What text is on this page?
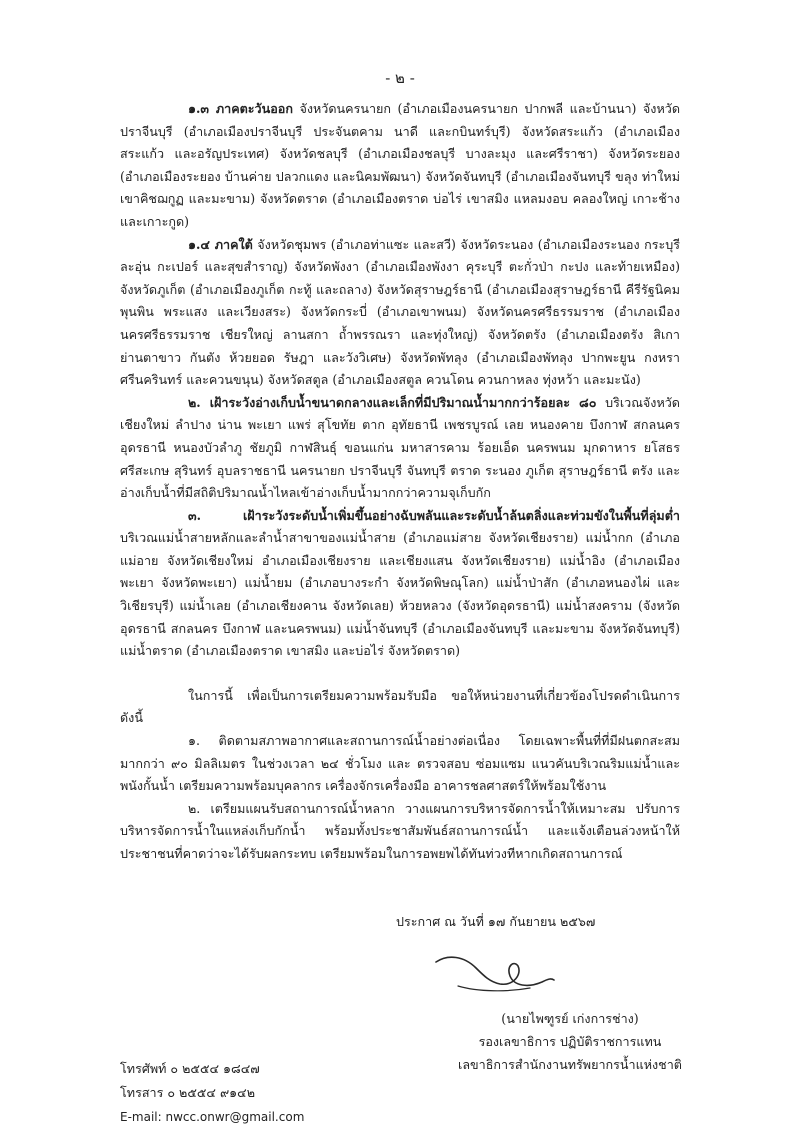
- ๒ -

๑.๓ ภาคตะวันออก จังหวัดนครนายก (อำเภอเมืองนครนายก ปากพลี และบ้านนา) จังหวัดปราจีนบุรี (อำเภอเมืองปราจีนบุรี ประจันตคาม นาดี และกบินทร์บุรี) จังหวัดสระแก้ว (อำเภอเมืองสระแก้ว และอรัญประเทศ) จังหวัดชลบุรี (อำเภอเมืองชลบุรี บางละมุง และศรีราชา) จังหวัดระยอง (อำเภอเมืองระยอง บ้านค่าย ปลวกแดง และนิคมพัฒนา) จังหวัดจันทบุรี (อำเภอเมืองจันทบุรี ขลุง ท่าใหม่ เขาคิชฌกูฏ และมะขาม) จังหวัดตราด (อำเภอเมืองตราด บ่อไร่ เขาสมิง แหลมงอบ คลองใหญ่ เกาะช้าง และเกาะกูด)

๑.๔ ภาคใต้ จังหวัดชุมพร (อำเภอท่าแซะ และสวี) จังหวัดระนอง (อำเภอเมืองระนอง กระบุรี ละอุ่น กะเปอร์ และสุขสำราญ) จังหวัดพังงา (อำเภอเมืองพังงา คุระบุรี ตะกั่วป่า กะปง และท้ายเหมือง) จังหวัดภูเก็ต (อำเภอเมืองภูเก็ต กะทู้ และถลาง) จังหวัดสุราษฎร์ธานี (อำเภอเมืองสุราษฎร์ธานี คีรีรัฐนิคม พุนพิน พระแสง และเวียงสระ) จังหวัดกระบี่ (อำเภอเขาพนม) จังหวัดนครศรีธรรมราช (อำเภอเมืองนครศรีธรรมราช เชียรใหญ่ ลานสกา ถ้ำพรรณรา และทุ่งใหญ่) จังหวัดตรัง (อำเภอเมืองตรัง สิเกา ย่านตาขาว กันตัง ห้วยยอด รัษฎา และวังวิเศษ) จังหวัดพัทลุง (อำเภอเมืองพัทลุง ปากพะยูน กงหรา ศรีนครินทร์ และควนขนุน) จังหวัดสตูล (อำเภอเมืองสตูล ควนโดน ควนกาหลง ทุ่งหว้า และมะนัง)

๒. เฝ้าระวังอ่างเก็บน้ำขนาดกลางและเล็กที่มีปริมาณน้ำมากกว่าร้อยละ ๘๐ บริเวณจังหวัดเชียงใหม่ ลำปาง น่าน พะเยา แพร่ สุโขทัย ตาก อุทัยธานี เพชรบูรณ์ เลย หนองคาย บึงกาฬ สกลนคร อุดรธานี หนองบัวลำภู ชัยภูมิ กาฬสินธุ์ ขอนแก่น มหาสารคาม ร้อยเอ็ด นครพนม มุกดาหาร ยโสธร ศรีสะเกษ สุรินทร์ อุบลราชธานี นครนายก ปราจีนบุรี จันทบุรี ตราด ระนอง ภูเก็ต สุราษฎร์ธานี ตรัง และอ่างเก็บน้ำที่มีสถิติปริมาณน้ำไหลเข้าอ่างเก็บน้ำมากกว่าความจุเก็บกัก

๓. เฝ้าระวังระดับน้ำเพิ่มขึ้นอย่างฉับพลันและระดับน้ำล้นตลิ่งและท่วมขังในพื้นที่ลุ่มต่ำ บริเวณแม่น้ำสายหลักและลำน้ำสาขาของแม่น้ำสาย (อำเภอแม่สาย จังหวัดเชียงราย) แม่น้ำกก (อำเภอแม่อาย จังหวัดเชียงใหม่ อำเภอเมืองเชียงราย และเชียงแสน จังหวัดเชียงราย) แม่น้ำอิง (อำเภอเมืองพะเยา จังหวัดพะเยา) แม่น้ำยม (อำเภอบางระกำ จังหวัดพิษณุโลก) แม่น้ำป่าสัก (อำเภอหนองไผ่ และวิเชียรบุรี) แม่น้ำเลย (อำเภอเชียงคาน จังหวัดเลย) ห้วยหลวง (จังหวัดอุดรธานี) แม่น้ำสงคราม (จังหวัดอุดรธานี สกลนคร บึงกาฬ และนครพนม) แม่น้ำจันทบุรี (อำเภอเมืองจันทบุรี และมะขาม จังหวัดจันทบุรี) แม่น้ำตราด (อำเภอเมืองตราด เขาสมิง และบ่อไร่ จังหวัดตราด)

ในการนี้ เพื่อเป็นการเตรียมความพร้อมรับมือ ขอให้หน่วยงานที่เกี่ยวข้องโปรดดำเนินการ ดังนี้

๑. ติดตามสภาพอากาศและสถานการณ์น้ำอย่างต่อเนื่อง โดยเฉพาะพื้นที่ที่มีฝนตกสะสมมากกว่า ๙๐ มิลลิเมตร ในช่วงเวลา ๒๔ ชั่วโมง และ ตรวจสอบ ซ่อมแซม แนวคันบริเวณริมแม่น้ำและพนังกั้นน้ำ เตรียมความพร้อมบุคลากร เครื่องจักรเครื่องมือ อาคารชลศาสตร์ให้พร้อมใช้งาน

๒. เตรียมแผนรับสถานการณ์น้ำหลาก วางแผนการบริหารจัดการน้ำให้เหมาะสม ปรับการบริหารจัดการน้ำในแหล่งเก็บกักน้ำ พร้อมทั้งประชาสัมพันธ์สถานการณ์น้ำ และแจ้งเตือนล่วงหน้าให้ประชาชนที่คาดว่าจะได้รับผลกระทบ เตรียมพร้อมในการอพยพได้ทันท่วงทีหากเกิดสถานการณ์

ประกาศ ณ วันที่ ๑๗ กันยายน ๒๕๖๗
(นายไพฑูรย์ เก่งการช่าง)
รองเลขาธิการ ปฏิบัติราชการแทน
เลขาธิการสำนักงานทรัพยากรน้ำแห่งชาติ
โทรศัพท์ ๐ ๒๕๕๔ ๑๘๔๗
โทรสาร ๐ ๒๕๕๔ ๙๑๔๒
E-mail: nwcc.onwr@gmail.com
